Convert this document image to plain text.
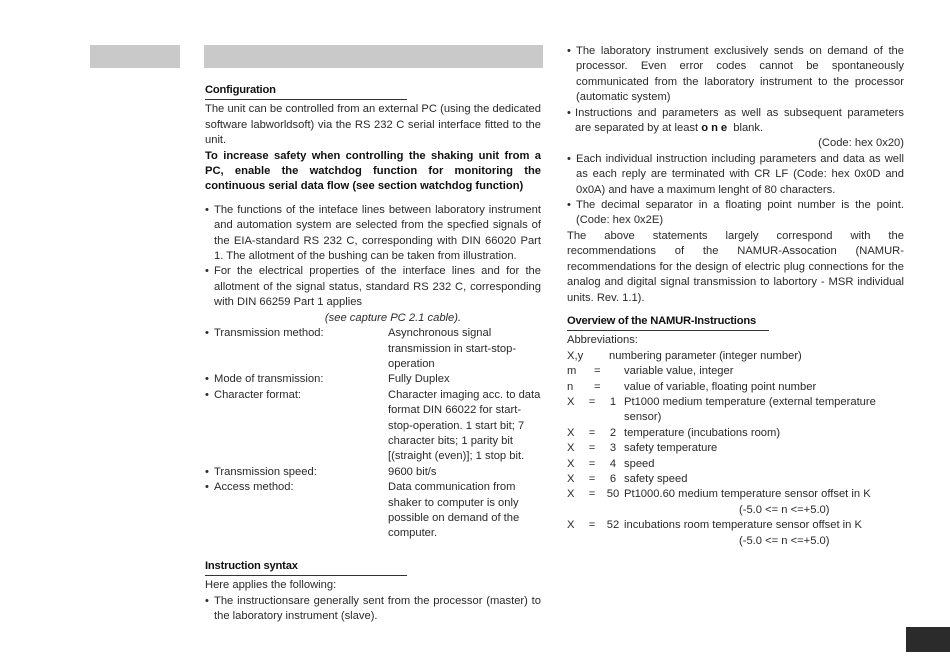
Configuration

The unit can be controlled from an external PC (using the dedicated software labworldsoft) via the RS 232 C serial interface fitted to the unit.

To increase safety when controlling the shaking unit from a PC, enable the watchdog function for monitoring the continuous serial data flow (see section watchdog function)

• The functions of the inteface lines between laboratory instrument and automation system are selected from the specfied signals of the EIA-standard RS 232 C, corresponding with DIN 66020 Part 1. The allotment of the bushing can be taken from illustration.
• For the electrical properties of the interface lines and for the allotment of the signal status, standard RS 232 C, corresponding with DIN 66259 Part 1 applies
(see capture PC 2.1 cable).
• Transmission method:	Asynchronous signal transmission in start-stop-operation
• Mode of transmission:	Fully Duplex
• Character format:	Character imaging acc. to data format DIN 66022 for start-stop-operation. 1 start bit; 7 character bits; 1 parity bit [(straight (even)]; 1 stop bit.
• Transmission speed:	9600 bit/s
• Access method:	Data communication from shaker to computer is only possible on demand of the computer.
Instruction syntax

Here applies the following:

• The instructionsare generally sent from the processor (master) to the laboratory instrument (slave).
• The laboratory instrument exclusively sends on demand of the processor. Even error codes cannot be spontaneously communicated from the laboratory instrument to the processor (automatic system)
• Instructions and parameters as well as subsequent parameters are separated by at least one blank.
(Code: hex 0x20)
• Each individual instruction including parameters and data as well as each reply are terminated with CR LF (Code: hex 0x0D and 0x0A) and have a maximum lenght of 80 characters.
• The decimal separator in a floating point number is the point. (Code: hex 0x2E)

The above statements largely correspond with the recommendations of the NAMUR-Assocation (NAMUR-recommendations for the design of electric plug connections for the analog and digital signal transmission to labortory - MSR individual units. Rev. 1.1).

Overview of the NAMUR-Instructions

Abbreviations:

X,y	numbering parameter (integer number)
m	=	variable value, integer
n	=	value of variable, floating point number
X	=	1 Pt1000 medium temperature (external temperature sensor)
X	=	2 temperature (incubations room)
X	=	3 safety temperature
X	=	4 speed
X	=	6 safety speed
X	=	50 Pt1000.60 medium temperature sensor offset in K
(-5.0 <= n <=+5.0)
X	=	52 incubations room temperature sensor offset in K
(-5.0 <= n <=+5.0)
